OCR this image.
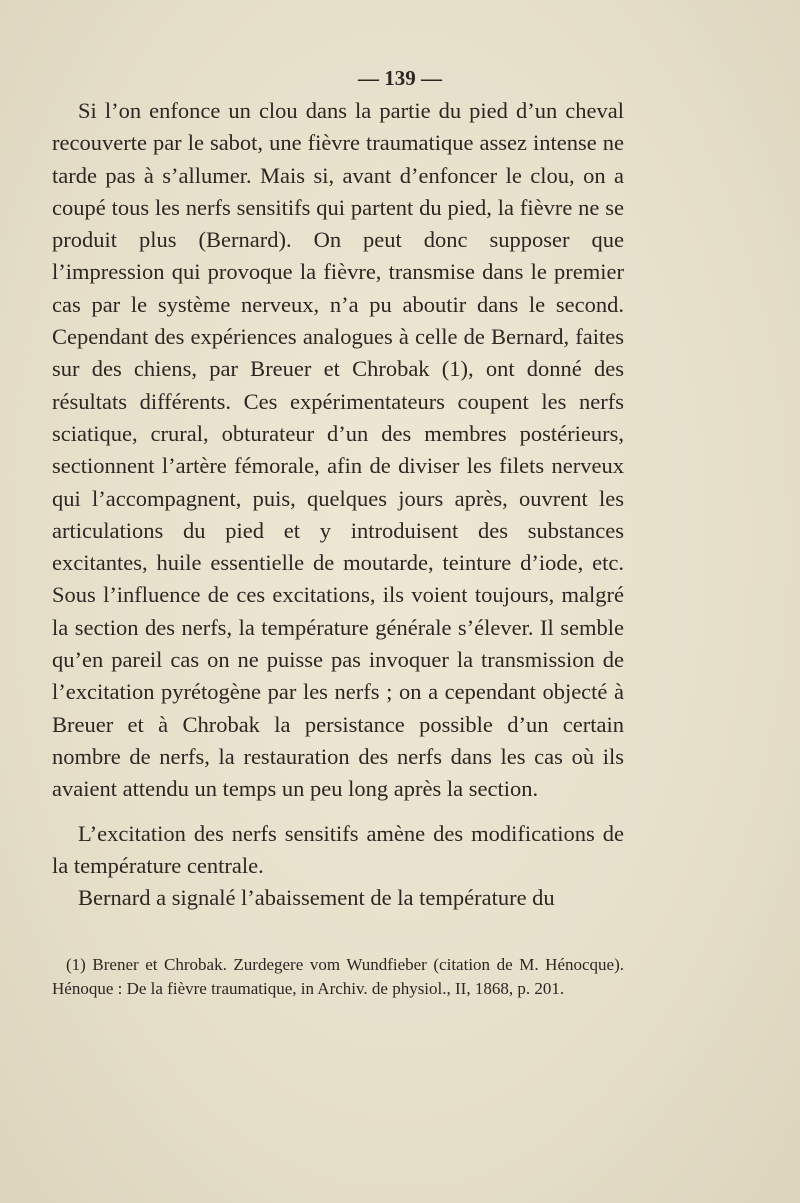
— 139 —

Si l’on enfonce un clou dans la partie du pied d’un cheval recouverte par le sabot, une fièvre traumatique assez intense ne tarde pas à s’allumer. Mais si, avant d’enfoncer le clou, on a coupé tous les nerfs sensitifs qui partent du pied, la fièvre ne se produit plus (Bernard). On peut donc supposer que l’impression qui provoque la fièvre, transmise dans le premier cas par le système nerveux, n’a pu aboutir dans le second. Cependant des expériences analogues à celle de Bernard, faites sur des chiens, par Breuer et Chrobak (1), ont donné des résultats différents. Ces expérimentateurs coupent les nerfs sciatique, crural, obturateur d’un des membres postérieurs, sectionnent l’artère fémorale, afin de diviser les filets nerveux qui l’accompagnent, puis, quelques jours après, ouvrent les articulations du pied et y introduisent des substances excitantes, huile essentielle de moutarde, teinture d’iode, etc. Sous l’influence de ces excitations, ils voient toujours, malgré la section des nerfs, la température générale s’élever. Il semble qu’en pareil cas on ne puisse pas invoquer la transmission de l’excitation pyrétogène par les nerfs ; on a cependant objecté à Breuer et à Chrobak la persistance possible d’un certain nombre de nerfs, la restauration des nerfs dans les cas où ils avaient attendu un temps un peu long après la section.

L’excitation des nerfs sensitifs amène des modifications de la température centrale.

Bernard a signalé l’abaissement de la température du

(1) Brener et Chrobak. Zurdegere vom Wundfieber (citation de M. Hénocque). Hénoque : De la fièvre traumatique, in Archiv. de physiol., II, 1868, p. 201.
